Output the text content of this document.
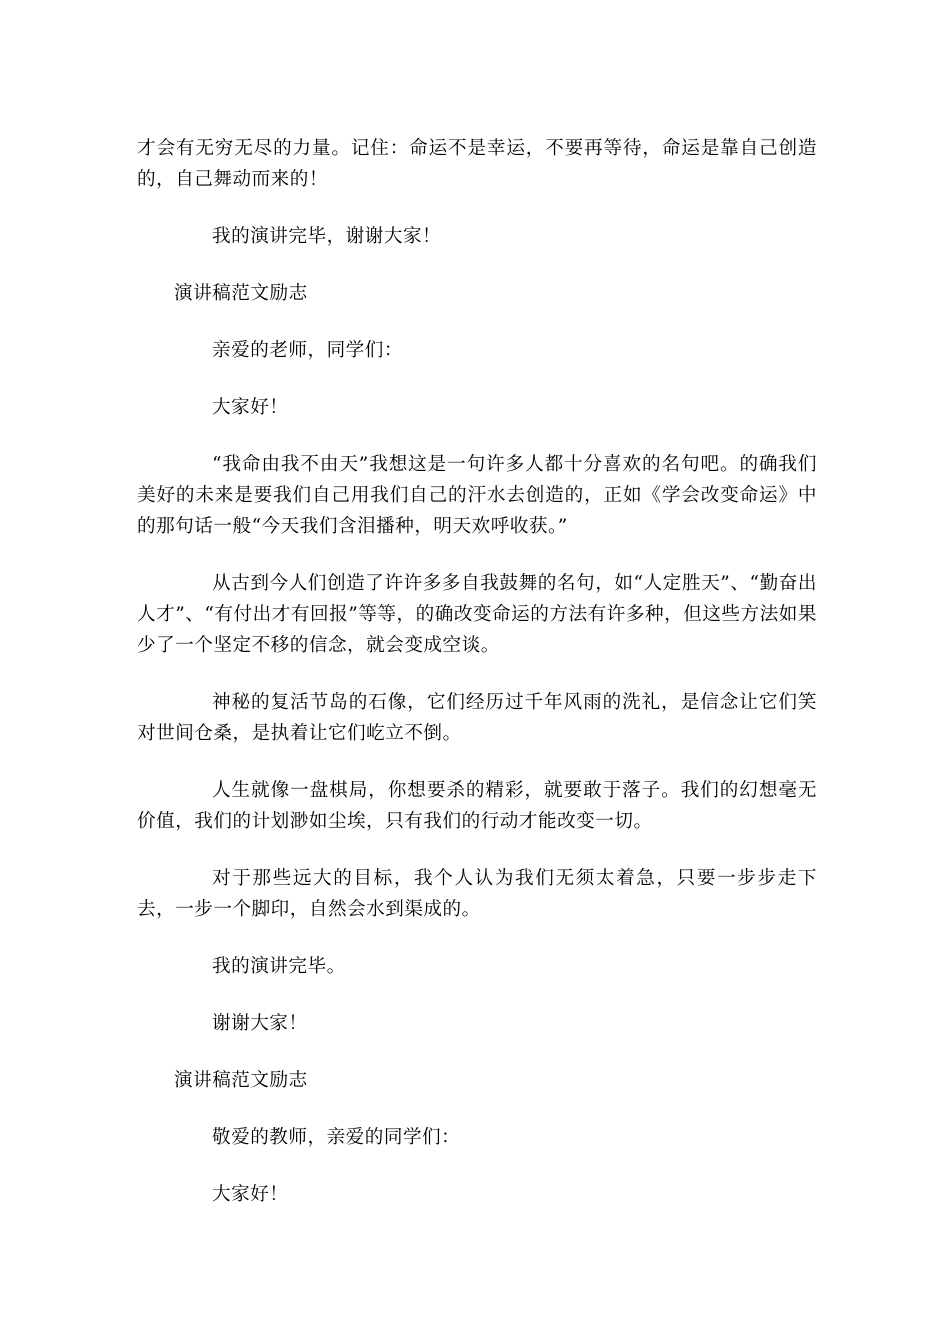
才会有无穷无尽的力量。记住：命运不是幸运，不要再等待，命运是靠自己创造的，自己舞动而来的！

我的演讲完毕，谢谢大家！

演讲稿范文励志

亲爱的老师，同学们：

大家好！

“我命由我不由天”我想这是一句许多人都十分喜欢的名句吧。的确我们美好的未来是要我们自己用我们自己的汗水去创造的，正如《学会改变命运》中的那句话一般“今天我们含泪播种，明天欢呼收获。”

从古到今人们创造了许许多多自我鼓舞的名句，如“人定胜天”、“勤奋出人才”、“有付出才有回报”等等，的确改变命运的方法有许多种，但这些方法如果少了一个坚定不移的信念，就会变成空谈。

神秘的复活节岛的石像，它们经历过千年风雨的洗礼，是信念让它们笑对世间仓桑，是执着让它们屹立不倒。

人生就像一盘棋局，你想要杀的精彩，就要敢于落子。我们的幻想毫无价值，我们的计划渺如尘埃，只有我们的行动才能改变一切。

对于那些远大的目标，我个人认为我们无须太着急，只要一步步走下去，一步一个脚印，自然会水到渠成的。

我的演讲完毕。

谢谢大家！

演讲稿范文励志

敬爱的教师，亲爱的同学们：

大家好！
